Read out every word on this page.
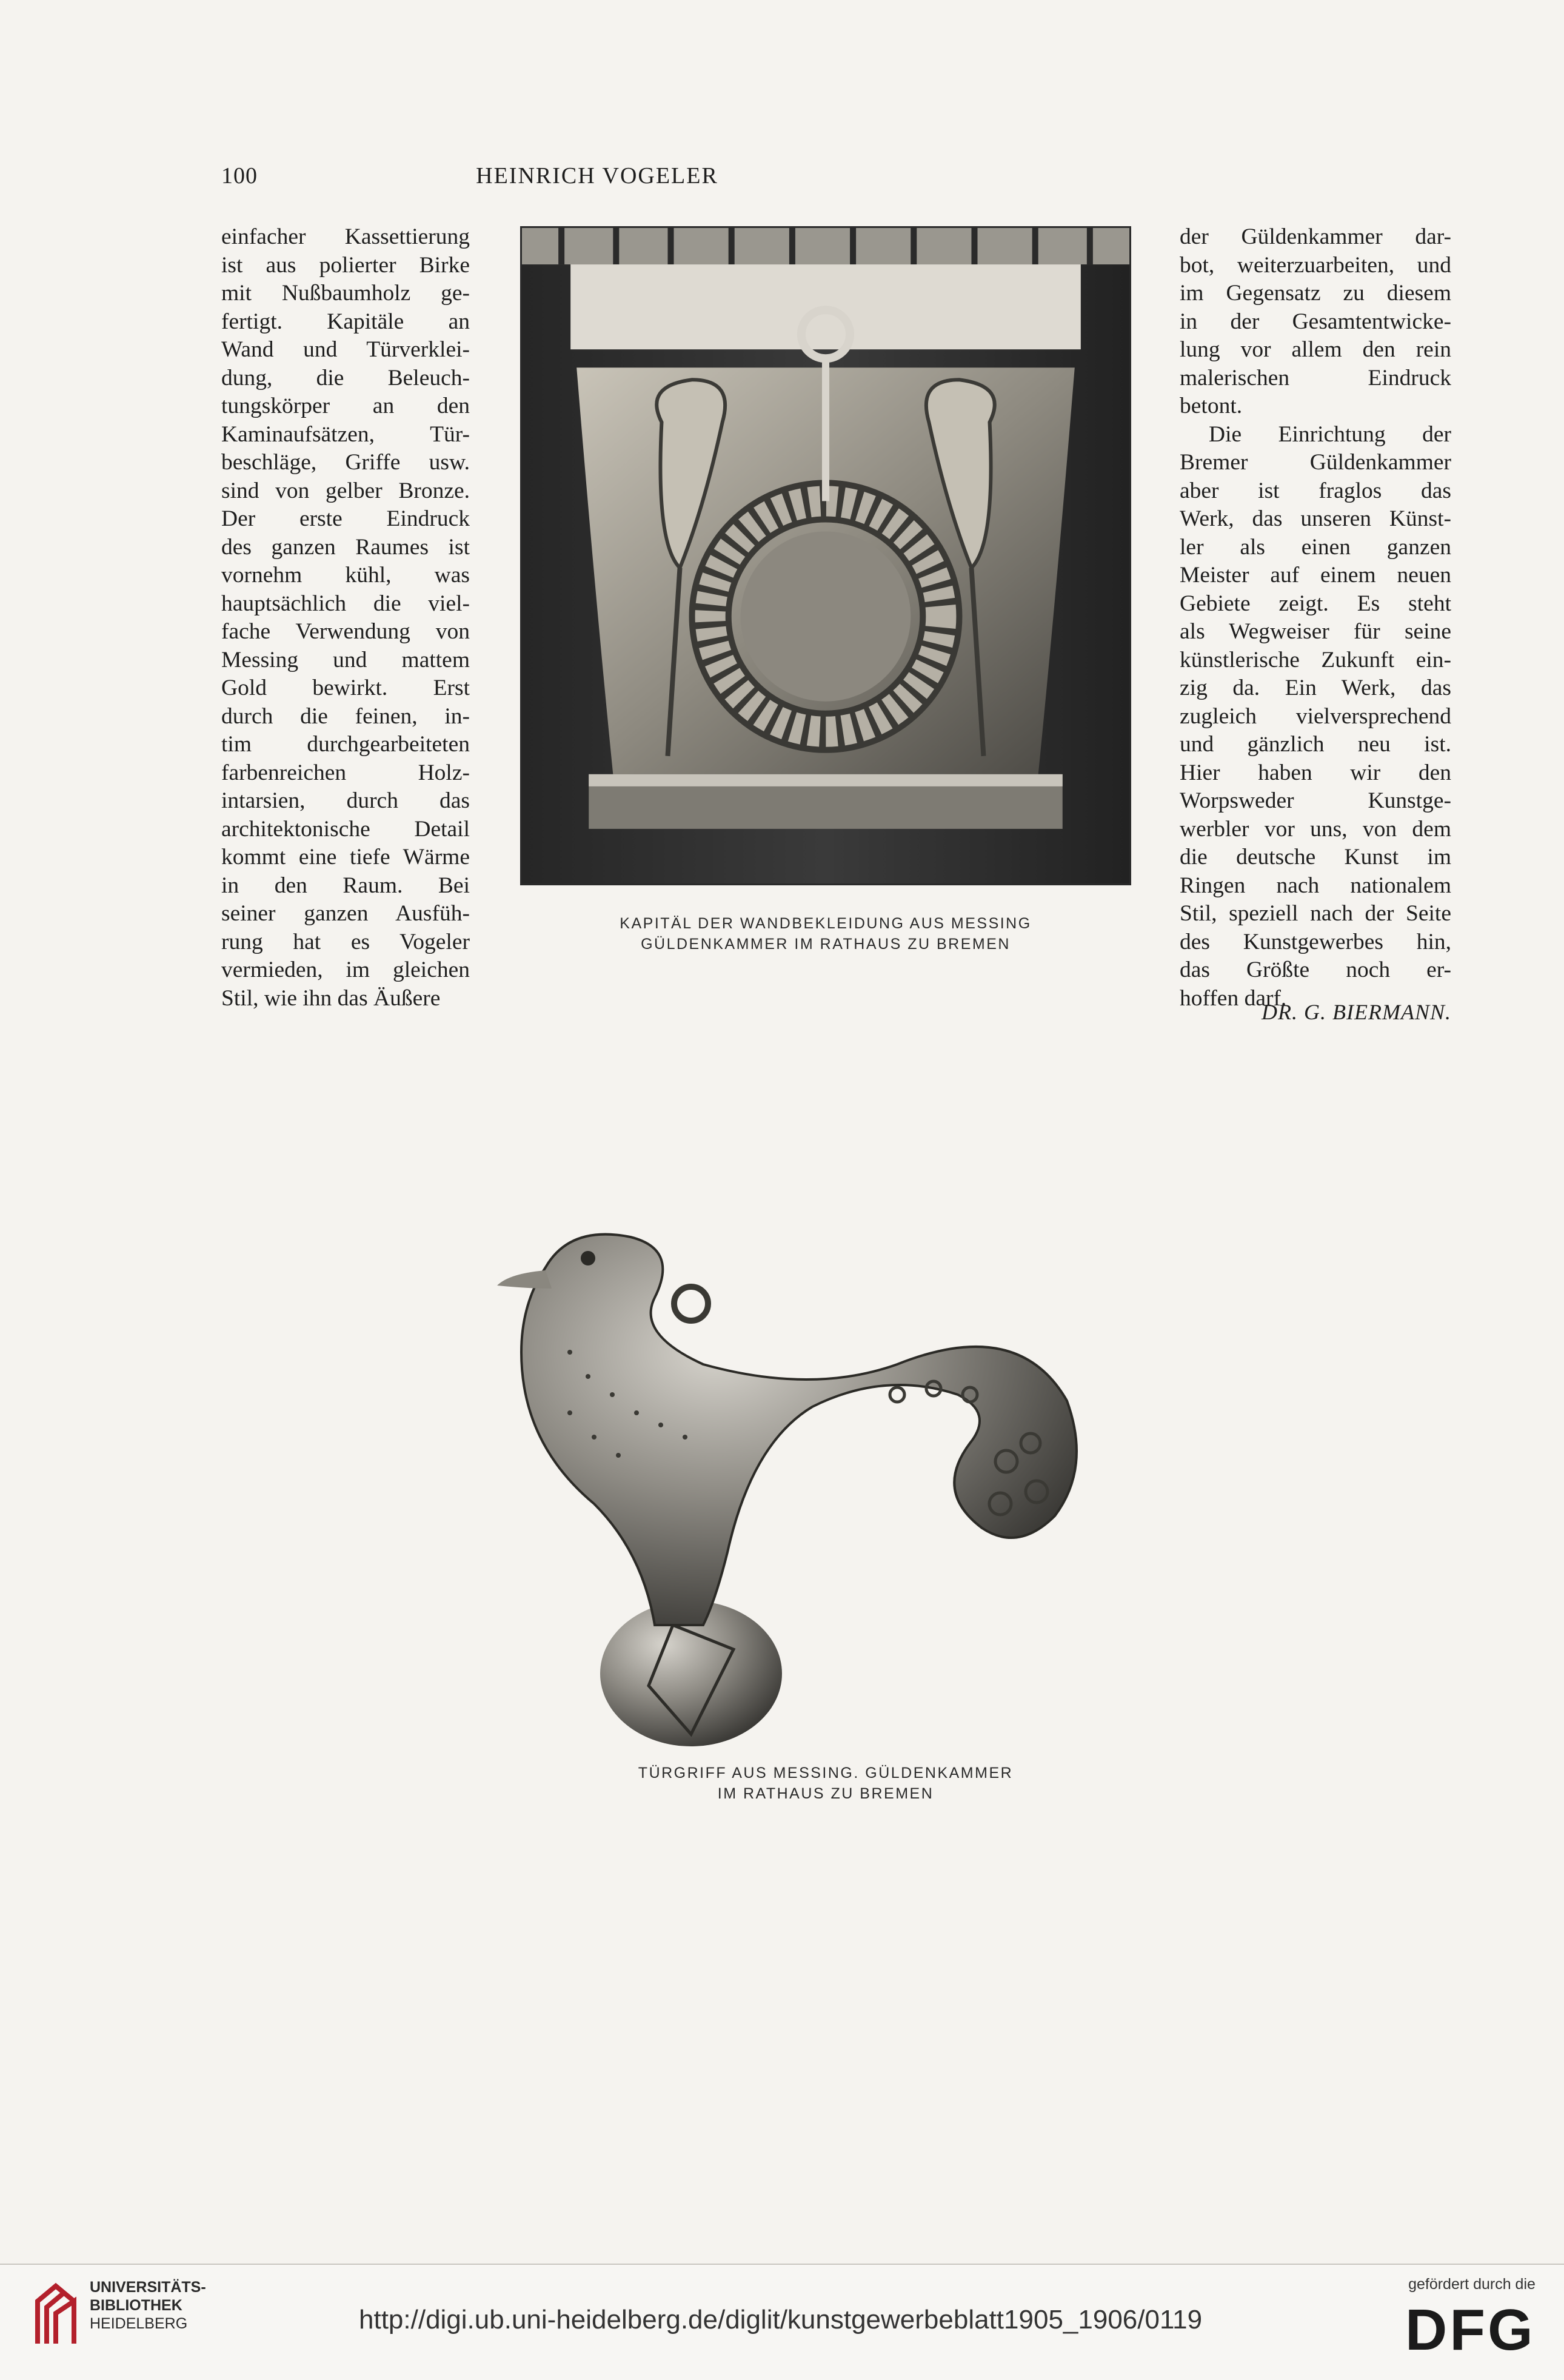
100	HEINRICH VOGELER
einfacher Kassettierung
ist aus polierter Birke
mit Nußbaumholz ge-
fertigt. Kapitäle an
Wand und Türverklei-
dung, die Beleuch-
tungskörper an den
Kaminaufsätzen, Tür-
beschläge, Griffe usw.
sind von gelber Bronze.
Der erste Eindruck
des ganzen Raumes ist
vornehm kühl, was
hauptsächlich die viel-
fache Verwendung von
Messing und mattem
Gold bewirkt. Erst
durch die feinen, in-
tim durchgearbeiteten
farbenreichen Holz-
intarsien, durch das
architektonische Detail
kommt eine tiefe Wärme
in den Raum. Bei
seiner ganzen Ausfüh-
rung hat es Vogeler
vermieden, im gleichen
Stil, wie ihn das Äußere
KAPITÄL DER WANDBEKLEIDUNG AUS MESSING
GÜLDENKAMMER IM RATHAUS ZU BREMEN
der Güldenkammer dar-
bot, weiterzuarbeiten, und
im Gegensatz zu diesem
in der Gesamtentwicke-
lung vor allem den rein
malerischen Eindruck
betont.
Die Einrichtung der
Bremer Güldenkammer
aber ist fraglos das
Werk, das unseren Künst-
ler als einen ganzen
Meister auf einem neuen
Gebiete zeigt. Es steht
als Wegweiser für seine
künstlerische Zukunft ein-
zig da. Ein Werk, das
zugleich vielversprechend
und gänzlich neu ist.
Hier haben wir den
Worpsweder Kunstge-
werbler vor uns, von dem
die deutsche Kunst im
Ringen nach nationalem
Stil, speziell nach der Seite
des Kunstgewerbes hin,
das Größte noch er-
hoffen darf.
DR. G. BIERMANN.
TÜRGRIFF AUS MESSING. GÜLDENKAMMER
IM RATHAUS ZU BREMEN
UNIVERSITÄTS-
BIBLIOTHEK
HEIDELBERG	http://digi.ub.uni-heidelberg.de/diglit/kunstgewerbeblatt1905_1906/0119
gefördert durch die
DFG
